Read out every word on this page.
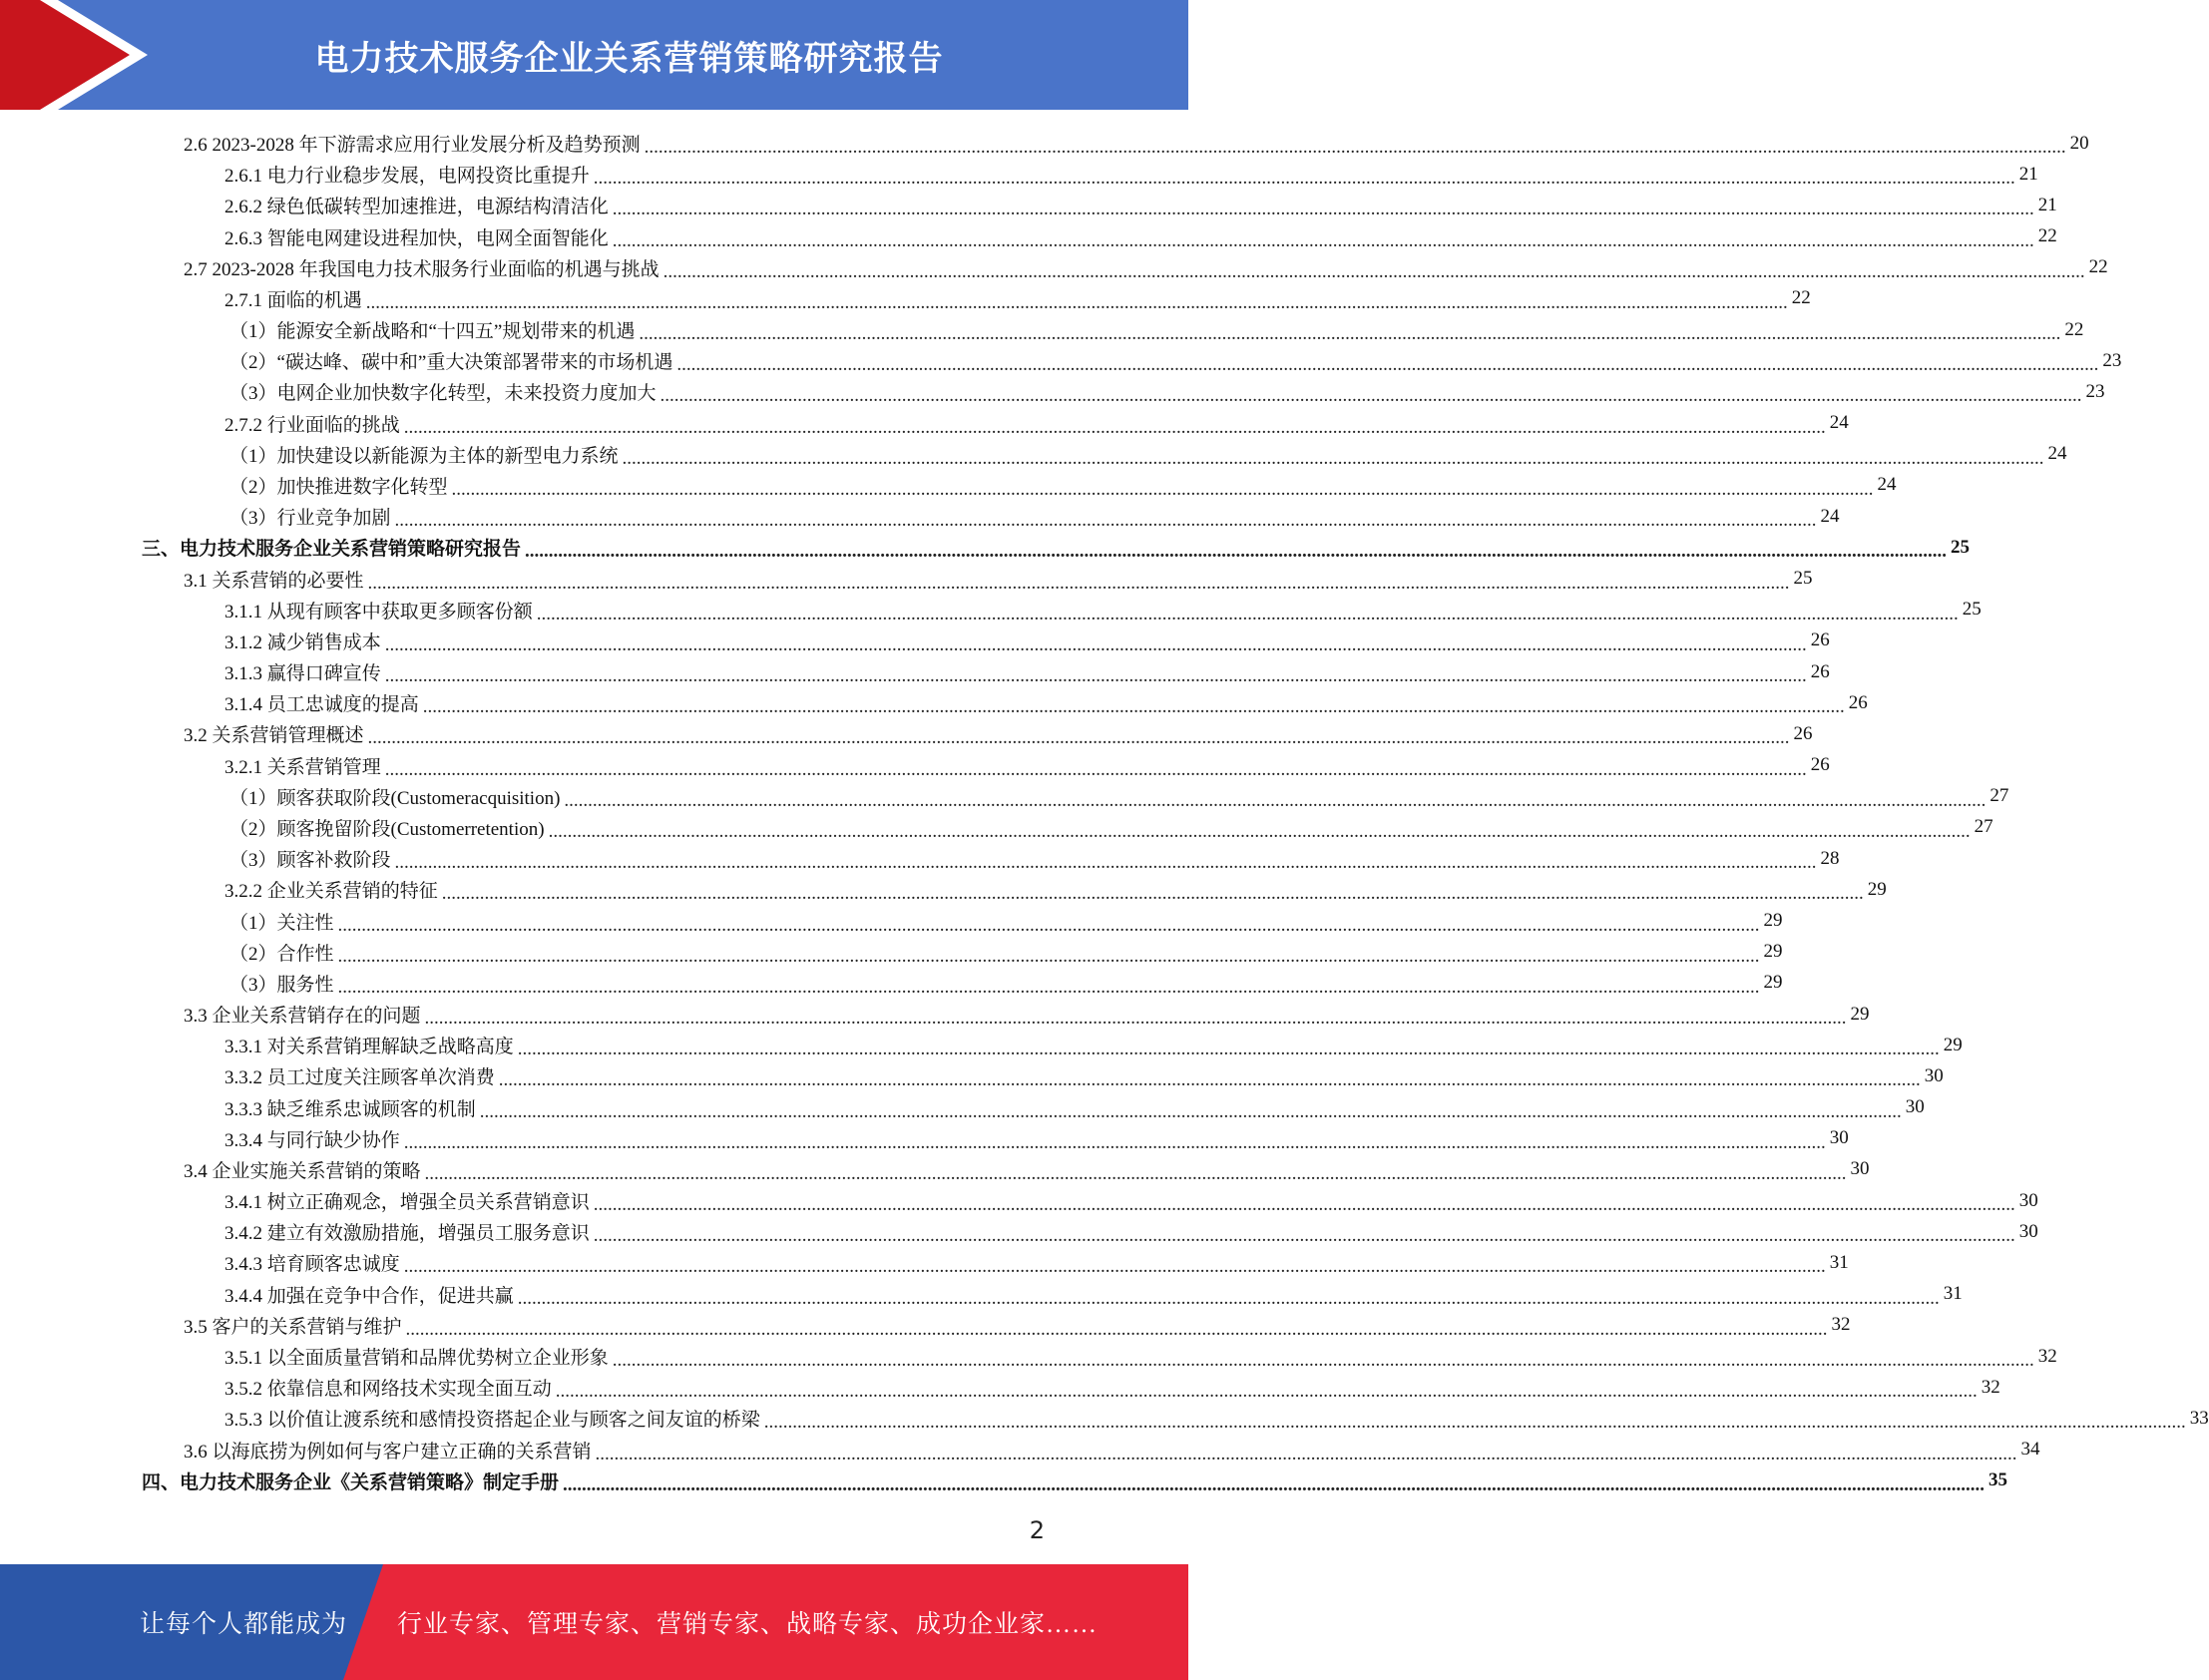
电力技术服务企业关系营销策略研究报告
2.6 2023-2028 年下游需求应用行业发展分析及趋势预测 ............................................................................................................................................................................................................................................................................................................ 20
2.6.1 电力行业稳步发展，电网投资比重提升 ............................................................................................................................................................................................................................................................................................................ 21
2.6.2 绿色低碳转型加速推进，电源结构清洁化 ............................................................................................................................................................................................................................................................................................................ 21
2.6.3 智能电网建设进程加快，电网全面智能化 ............................................................................................................................................................................................................................................................................................................ 22
2.7 2023-2028 年我国电力技术服务行业面临的机遇与挑战 ............................................................................................................................................................................................................................................................................................................ 22
2.7.1 面临的机遇 ............................................................................................................................................................................................................................................................................................................ 22
（1）能源安全新战略和“十四五”规划带来的机遇 ............................................................................................................................................................................................................................................................................................................ 22
（2）“碳达峰、碳中和”重大决策部署带来的市场机遇 ............................................................................................................................................................................................................................................................................................................ 23
（3）电网企业加快数字化转型，未来投资力度加大 ............................................................................................................................................................................................................................................................................................................ 23
2.7.2 行业面临的挑战 ............................................................................................................................................................................................................................................................................................................ 24
（1）加快建设以新能源为主体的新型电力系统 ............................................................................................................................................................................................................................................................................................................ 24
（2）加快推进数字化转型 ............................................................................................................................................................................................................................................................................................................ 24
（3）行业竞争加剧 ............................................................................................................................................................................................................................................................................................................ 24
三、电力技术服务企业关系营销策略研究报告 ............................................................................................................................................................................................................................................................................................................ 25
3.1 关系营销的必要性 ............................................................................................................................................................................................................................................................................................................ 25
3.1.1 从现有顾客中获取更多顾客份额 ............................................................................................................................................................................................................................................................................................................ 25
3.1.2 减少销售成本 ............................................................................................................................................................................................................................................................................................................ 26
3.1.3 赢得口碑宣传 ............................................................................................................................................................................................................................................................................................................ 26
3.1.4 员工忠诚度的提高 ............................................................................................................................................................................................................................................................................................................ 26
3.2 关系营销管理概述 ............................................................................................................................................................................................................................................................................................................ 26
3.2.1 关系营销管理 ............................................................................................................................................................................................................................................................................................................ 26
（1）顾客获取阶段(Customeracquisition) ............................................................................................................................................................................................................................................................................................................ 27
（2）顾客挽留阶段(Customerretention) ............................................................................................................................................................................................................................................................................................................ 27
（3）顾客补救阶段 ............................................................................................................................................................................................................................................................................................................ 28
3.2.2 企业关系营销的特征 ............................................................................................................................................................................................................................................................................................................ 29
（1）关注性 ............................................................................................................................................................................................................................................................................................................ 29
（2）合作性 ............................................................................................................................................................................................................................................................................................................ 29
（3）服务性 ............................................................................................................................................................................................................................................................................................................ 29
3.3 企业关系营销存在的问题 ............................................................................................................................................................................................................................................................................................................ 29
3.3.1 对关系营销理解缺乏战略高度 ............................................................................................................................................................................................................................................................................................................ 29
3.3.2 员工过度关注顾客单次消费 ............................................................................................................................................................................................................................................................................................................ 30
3.3.3 缺乏维系忠诚顾客的机制 ............................................................................................................................................................................................................................................................................................................ 30
3.3.4 与同行缺少协作 ............................................................................................................................................................................................................................................................................................................ 30
3.4 企业实施关系营销的策略 ............................................................................................................................................................................................................................................................................................................ 30
3.4.1 树立正确观念，增强全员关系营销意识 ............................................................................................................................................................................................................................................................................................................ 30
3.4.2 建立有效激励措施，增强员工服务意识 ............................................................................................................................................................................................................................................................................................................ 30
3.4.3 培育顾客忠诚度 ............................................................................................................................................................................................................................................................................................................ 31
3.4.4 加强在竞争中合作，促进共赢 ............................................................................................................................................................................................................................................................................................................ 31
3.5 客户的关系营销与维护 ............................................................................................................................................................................................................................................................................................................ 32
3.5.1 以全面质量营销和品牌优势树立企业形象 ............................................................................................................................................................................................................................................................................................................ 32
3.5.2 依靠信息和网络技术实现全面互动 ............................................................................................................................................................................................................................................................................................................ 32
3.5.3 以价值让渡系统和感情投资搭起企业与顾客之间友谊的桥梁 ............................................................................................................................................................................................................................................................................................................ 33
3.6 以海底捞为例如何与客户建立正确的关系营销 ............................................................................................................................................................................................................................................................................................................ 34
四、电力技术服务企业《关系营销策略》制定手册 ............................................................................................................................................................................................................................................................................................................ 35
2
让每个人都能成为 行业专家、管理专家、营销专家、战略专家、成功企业家……
